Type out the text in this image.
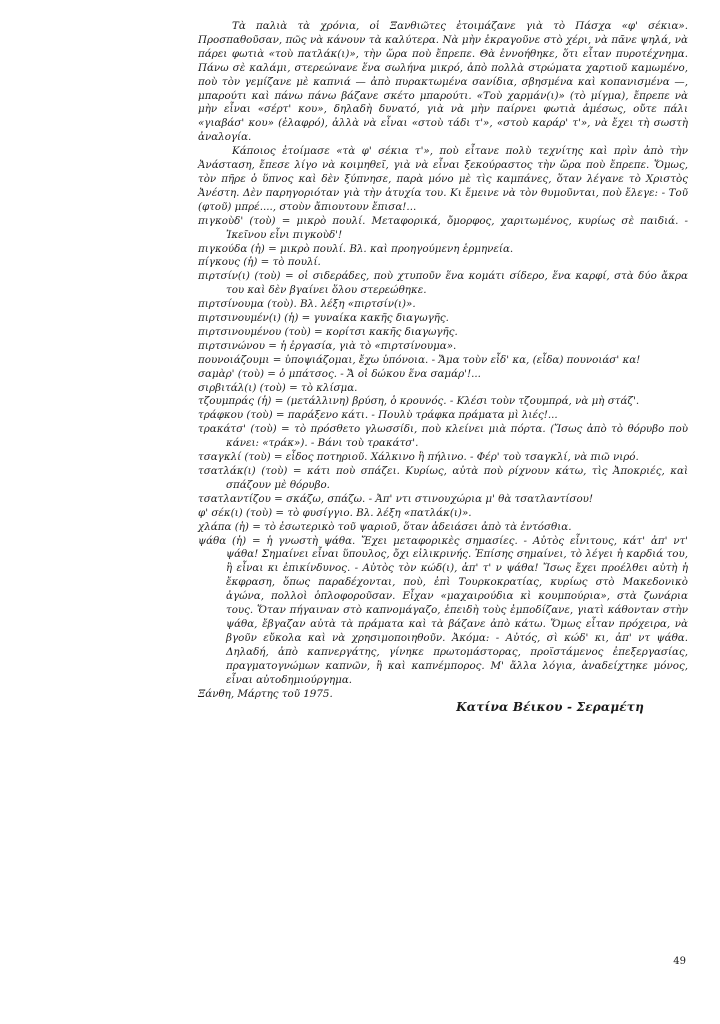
Τὰ παλιὰ τὰ χρόνια, οἱ Ξανθιῶτες ἑτοιμάζανε γιὰ τὸ Πάσχα «φ' σέκια». Προσπαθοῦσαν, πῶς νὰ κάνουν τὰ καλύτερα. Νὰ μὴν ἐκραγοῦνε στὸ χέρι, νὰ πᾶνε ψηλά, νὰ πάρει φωτιὰ «τοὺ πατλάκ(ι)», τὴν ὥρα ποὺ ἔπρεπε. Θὰ ἐννοήθηκε, ὅτι εἶταν πυροτέχνημα. Πάνω σὲ καλάμι, στερεώνανε ἕνα σωλήνα μικρό, ἀπὸ πολλὰ στρώματα χαρτιοῦ καμωμένο, ποὺ τὸν γεμίζανε μὲ καπνιά — ἀπὸ πυρακτωμένα σανίδια, σβησμένα καὶ κοπανισμένα —, μπαρούτι καὶ πάνω πάνω βάζανε σκέτο μπαρούτι. «Τοὺ χαρμάν(ι)» (τὸ μίγμα), ἔπρεπε νὰ μὴν εἶναι «σέρτ' κου», δηλαδὴ δυνατό, γιὰ νὰ μὴν παίρνει φωτιὰ ἀμέσως, οὔτε πάλι «γιαβάσ' κου» (ἐλαφρό), ἀλλὰ νὰ εἶναι «στοὺ τάδι τ'», «στοὺ καράρ' τ'», νὰ ἔχει τὴ σωστὴ ἀναλογία.

Κάποιος ἑτοίμασε «τὰ φ' σέκια τ'», ποὺ εἶτανε πολὺ τεχνίτης καὶ πρὶν ἀπὸ τὴν Ἀνάσταση, ἔπεσε λίγο νὰ κοιμηθεῖ, γιὰ νὰ εἶναι ξεκούραστος τὴν ὥρα ποὺ ἔπρεπε. Ὅμως, τὸν πῆρε ὁ ὕπνος καὶ δὲν ξύπνησε, παρὰ μόνο μὲ τὶς καμπάνες, ὅταν λέγανε τὸ Χριστὸς Ἀνέστη. Δὲν παρηγοριόταν γιὰ τὴν ἀτυχία του. Κι ἔμεινε νὰ τὸν θυμοῦνται, ποὺ ἔλεγε: - Τοῦ (φτοῦ) μπρέ...., στοὺν ἄπιουτουν ἔπισα!...

πιγκοὺδ' (τοὺ) = μικρὸ πουλί. Μεταφορικά, ὄμορφος, χαριτωμένος, κυρίως σὲ παιδιά. - Ἰκεῖνου εἶνι πιγκοὺδ'!

πιγκούδα (ἡ) = μικρὸ πουλί. Βλ. καὶ προηγούμενη ἑρμηνεία.

πίγκους (ἡ) = τὸ πουλί.

πιρτσίν(ι) (τοὺ) = οἱ σιδεράδες, ποὺ χτυποῦν ἕνα κομάτι σίδερο, ἕνα καρφί, στὰ δύο ἄκρα του καὶ δὲν βγαίνει ὅλου στερεώθηκε.

πιρτσίνουμα (τοὺ). Βλ. λέξη «πιρτσίν(ι)».

πιρτσινουμέν(ι) (ἡ) = γυναίκα κακῆς διαγωγῆς.

πιρτσινουμένου (τοὺ) = κορίτσι κακῆς διαγωγῆς.

πιρτσινώνου = ἡ ἐργασία, γιὰ τὸ «πιρτσίνουμα».

πουνοιάζουμι = ὑποψιάζομαι, ἔχω ὑπόνοια. - Ἄμα τοὺν εἶδ' κα, (εἶδα) πουνοιάσ' κα!

σαμὰρ' (τοὺ) = ὁ μπάτσος. - Ἄ οἱ δώκου ἕνα σαμάρ'!...

σιρβιτάλ(ι) (τοὺ) = τὸ κλίσμα.

τζουμπράς (ἡ) = (μετάλλινη) βρύση, ὁ κρουνός. - Κλέσι τοὺν τζουμπρά, νὰ μὴ στάζ'.

τράφκου (τοὺ) = παράξενο κάτι. - Πουλὺ τράφκα πράματα μὶ λιές!...

τρακάτσ' (τοὺ) = τὸ πρόσθετο γλωσσίδι, ποὺ κλείνει μιὰ πόρτα. (Ἴσως ἀπὸ τὸ θόρυβο ποὺ κάνει: «τράκ»). - Βάνι τοὺ τρακάτσ'.

τσαγκλί (τοὺ) = εἶδος ποτηριοῦ. Χάλκινο ἢ πήλινο. - Φέρ' τοὺ τσαγκλί, νὰ πιῶ νιρό.

τσατλάκ(ι) (τοὺ) = κάτι ποὺ σπάζει. Κυρίως, αὐτὰ ποὺ ρίχνουν κάτω, τὶς Ἀποκριές, καὶ σπάζουν μὲ θόρυβο.

τσατλαντίζου = σκάζω, σπάζω. - Ἀπ' ντι στινουχώρια μ' θὰ τσατλαντίσου!

φ' σέκ(ι) (τοὺ) = τὸ φυσίγγιο. Βλ. λέξη «πατλάκ(ι)».

χλάπα (ἡ) = τὸ ἐσωτερικὸ τοῦ ψαριοῦ, ὅταν ἀδειάσει ἀπὸ τὰ ἐντόσθια.

ψάθα (ἡ) = ἡ γνωστὴ ψάθα. Ἔχει μεταφορικὲς σημασίες. - Αὐτὸς εἶνιτους, κάτ' ἀπ' ντ' ψάθα! Σημαίνει εἶναι ὕπουλος, ὄχι εἰλικρινής. Ἐπίσης σημαίνει, τὸ λέγει ἡ καρδιά του, ἢ εἶναι κι ἐπικίνδυνος. - Αὐτὸς τὸν κώδ(ι), ἀπ' τ' ν ψάθα! Ἴσως ἔχει προέλθει αὐτὴ ἡ ἔκφραση, ὅπως παραδέχονται, ποὺ, ἐπὶ Τουρκοκρατίας, κυρίως στὸ Μακεδονικὸ ἀγώνα, πολλοὶ ὁπλοφοροῦσαν. Εἶχαν «μαχαιρούδια κὶ κουμπούρια», στὰ ζωνάρια τους. Ὅταν πήγαιναν στὸ καπνομάγαζο, ἐπειδὴ τοὺς ἐμποδίζανε, γιατὶ κάθονταν στὴν ψάθα, ἔβγαζαν αὐτὰ τὰ πράματα καὶ τὰ βάζανε ἀπὸ κάτω. Ὅμως εἶταν πρόχειρα, νὰ βγοῦν εὔκολα καὶ νὰ χρησιμοποιηθοῦν. Ἀκόμα: - Αὐτός, σὶ κώδ' κι, ἀπ' ντ ψάθα. Δηλαδή, ἀπὸ καπνεργάτης, γίνηκε πρωτομάστορας, προϊστάμενος ἐπεξεργασίας, πραγματογνώμων καπνῶν, ἢ καὶ καπνέμπορος. Μ' ἄλλα λόγια, ἀναδείχτηκε μόνος, εἶναι αὐτοδημιούργημα.

Ξάνθη, Μάρτης τοῦ 1975.

Κατίνα Βέικου - Σεραμέτη

49
